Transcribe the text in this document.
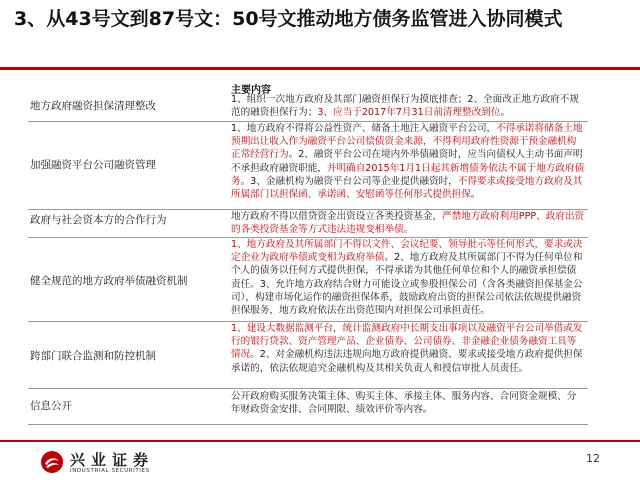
3、从43号文到87号文：50号文推动地方债务监管进入协同模式
主要内容
地方政府融资担保清理整改
1、组织一次地方政府及其部门融资担保行为摸底排查；2、全面改正地方政府不规范的融资担保行为；3、应当于2017年7月31日前清理整改到位。
加强融资平台公司融资管理
1、地方政府不得将公益性资产、储备土地注入融资平台公司，不得承诺将储备土地预期出让收入作为融资平台公司偿债资金来源，不得利用政府性资源干预金融机构正常经营行为。2、融资平台公司在境内外举债融资时，应当向债权人主动书面声明不承担政府融资职能，并明确自2015年1月1日起其新增债务依法不属于地方政府债务。3、金融机构为融资平台公司等企业提供融资时，不得要求或接受地方政府及其所属部门以担保函、承诺函、安慰函等任何形式提供担保。
政府与社会资本方的合作行为	地方政府不得以借贷资金出资设立各类投资基金，严禁地方政府利用PPP、政府出资的各类投资基金等方式违法违规变相举债。
健全规范的地方政府举债融资机制
1、地方政府及其所属部门不得以文件、会议纪要、领导批示等任何形式，要求或决定企业为政府举债或变相为政府举债。2、地方政府及其所属部门不得为任何单位和个人的债务以任何方式提供担保，不得承诺为其他任何单位和个人的融资承担偿债责任。3、允许地方政府结合财力可能设立或参股担保公司（含各类融资担保基金公司），构建市场化运作的融资担保体系，鼓励政府出资的担保公司依法依规提供融资担保服务，地方政府依法在出资范围内对担保公司承担责任。
跨部门联合监测和防控机制
1、建设大数据监测平台，统计监测政府中长期支出事项以及融资平台公司举借或发行的银行贷款、资产管理产品、企业债券、公司债券、非金融企业债务融资工具等情况。2、对金融机构违法违规向地方政府提供融资、要求或接受地方政府提供担保承诺的，依法依规追究金融机构及其相关负责人和授信审批人员责任。
信息公开
公开政府购买服务决策主体、购买主体、承接主体、服务内容、合同资金规模、分年财政资金安排、合同期限、绩效评价等内容。
兴业证券
INDUSTRIAL SECURITIES
12
